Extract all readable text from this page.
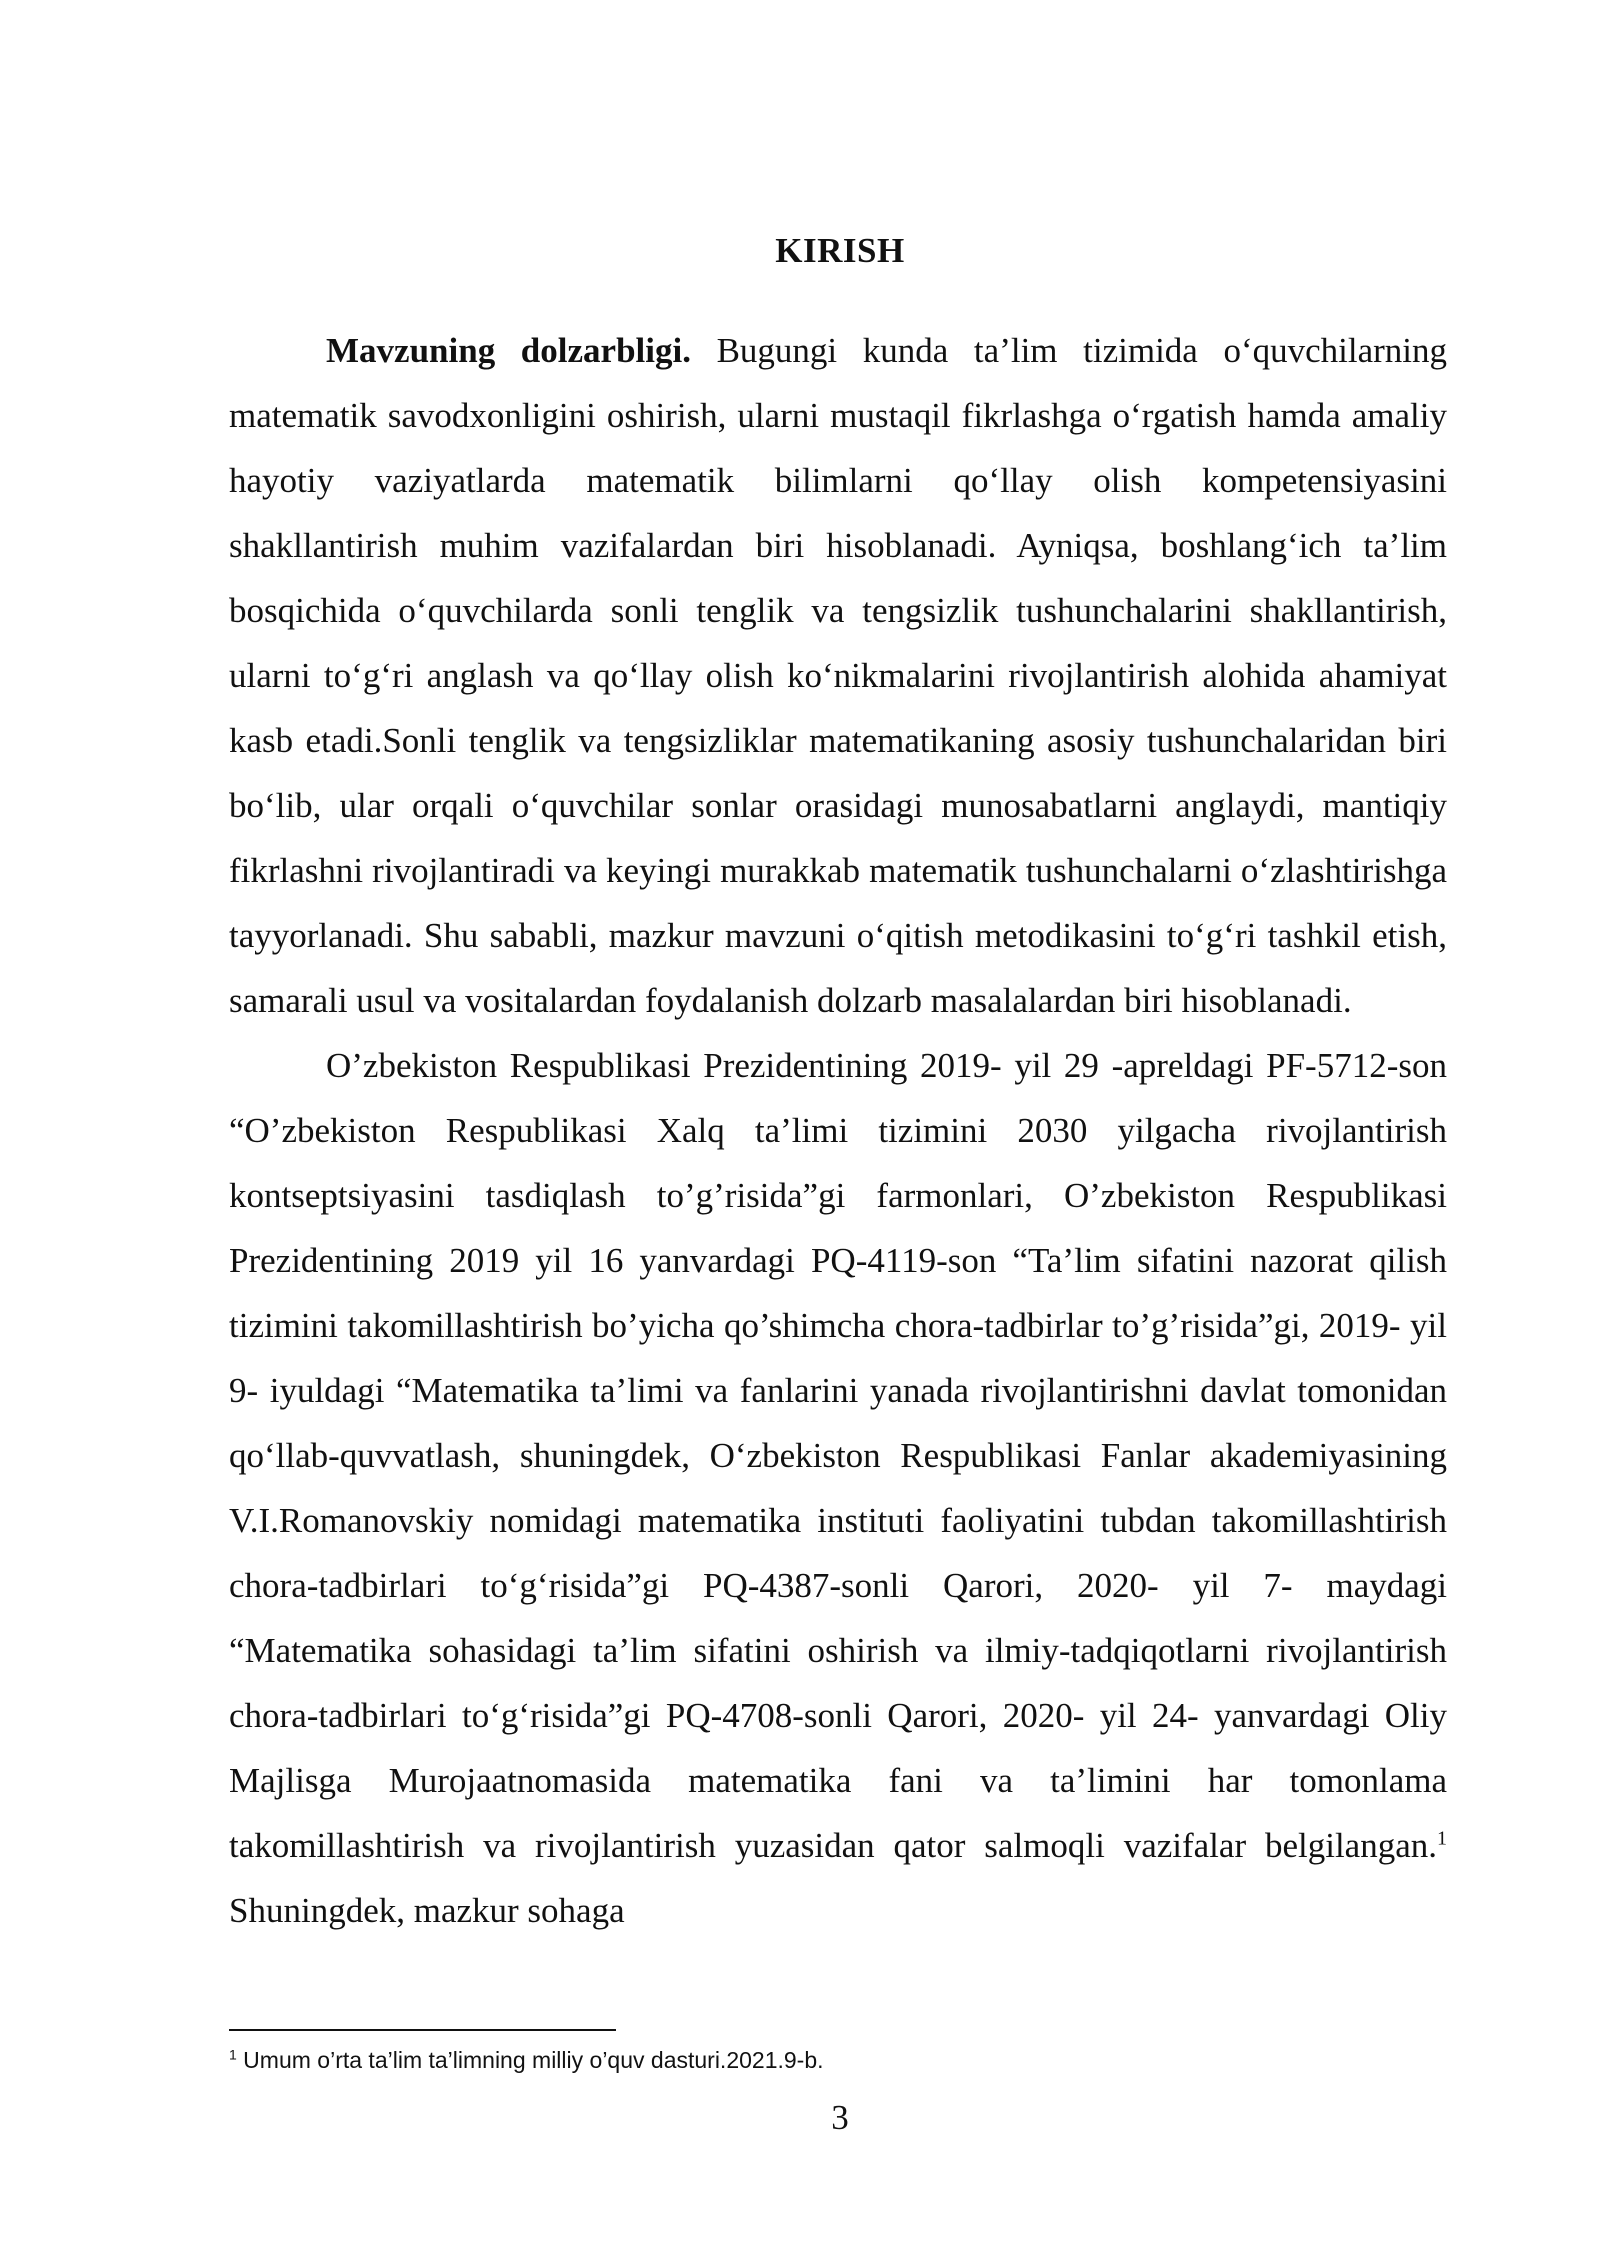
KIRISH

Mavzuning dolzarbligi. Bugungi kunda ta’lim tizimida o‘quvchilarning matematik savodxonligini oshirish, ularni mustaqil fikrlashga o‘rgatish hamda amaliy hayotiy vaziyatlarda matematik bilimlarni qo‘llay olish kompetensiyasini shakllantirish muhim vazifalardan biri hisoblanadi. Ayniqsa, boshlang‘ich ta’lim bosqichida o‘quvchilarda sonli tenglik va tengsizlik tushunchalarini shakllantirish, ularni to‘g‘ri anglash va qo‘llay olish ko‘nikmalarini rivojlantirish alohida ahamiyat kasb etadi.Sonli tenglik va tengsizliklar matematikaning asosiy tushunchalaridan biri bo‘lib, ular orqali o‘quvchilar sonlar orasidagi munosabatlarni anglaydi, mantiqiy fikrlashni rivojlantiradi va keyingi murakkab matematik tushunchalarni o‘zlashtirishga tayyorlanadi. Shu sababli, mazkur mavzuni o‘qitish metodikasini to‘g‘ri tashkil etish, samarali usul va vositalardan foydalanish dolzarb masalalardan biri hisoblanadi.

O’zbekiston Respublikasi Prezidentining 2019- yil 29 -apreldagi PF-5712-son “O’zbekiston Respublikasi Xalq ta’limi tizimini 2030 yilgacha rivojlantirish kontseptsiyasini tasdiqlash to’g’risida”gi farmonlari, O’zbekiston Respublikasi Prezidentining 2019 yil 16 yanvardagi PQ-4119-son “Ta’lim sifatini nazorat qilish tizimini takomillashtirish bo’yicha qo’shimcha chora-tadbirlar to’g’risida”gi, 2019- yil 9- iyuldagi “Matematika ta’limi va fanlarini yanada rivojlantirishni davlat tomonidan qo‘llab-quvvatlash, shuningdek, O‘zbekiston Respublikasi Fanlar akademiyasining V.I.Romanovskiy nomidagi matematika instituti faoliyatini tubdan takomillashtirish chora-tadbirlari to‘g‘risida”gi PQ-4387-sonli Qarori, 2020- yil 7- maydagi “Matematika sohasidagi ta’lim sifatini oshirish va ilmiy-tadqiqotlarni rivojlantirish chora-tadbirlari to‘g‘risida”gi PQ-4708-sonli Qarori, 2020- yil 24- yanvardagi Oliy Majlisga Murojaatnomasida matematika fani va ta’limini har tomonlama takomillashtirish va rivojlantirish yuzasidan qator salmoqli vazifalar belgilangan.$^1$ Shuningdek, mazkur sohaga

$^1$ Umum o’rta ta’lim ta’limning milliy o’quv dasturi.2021.9-b.
3
